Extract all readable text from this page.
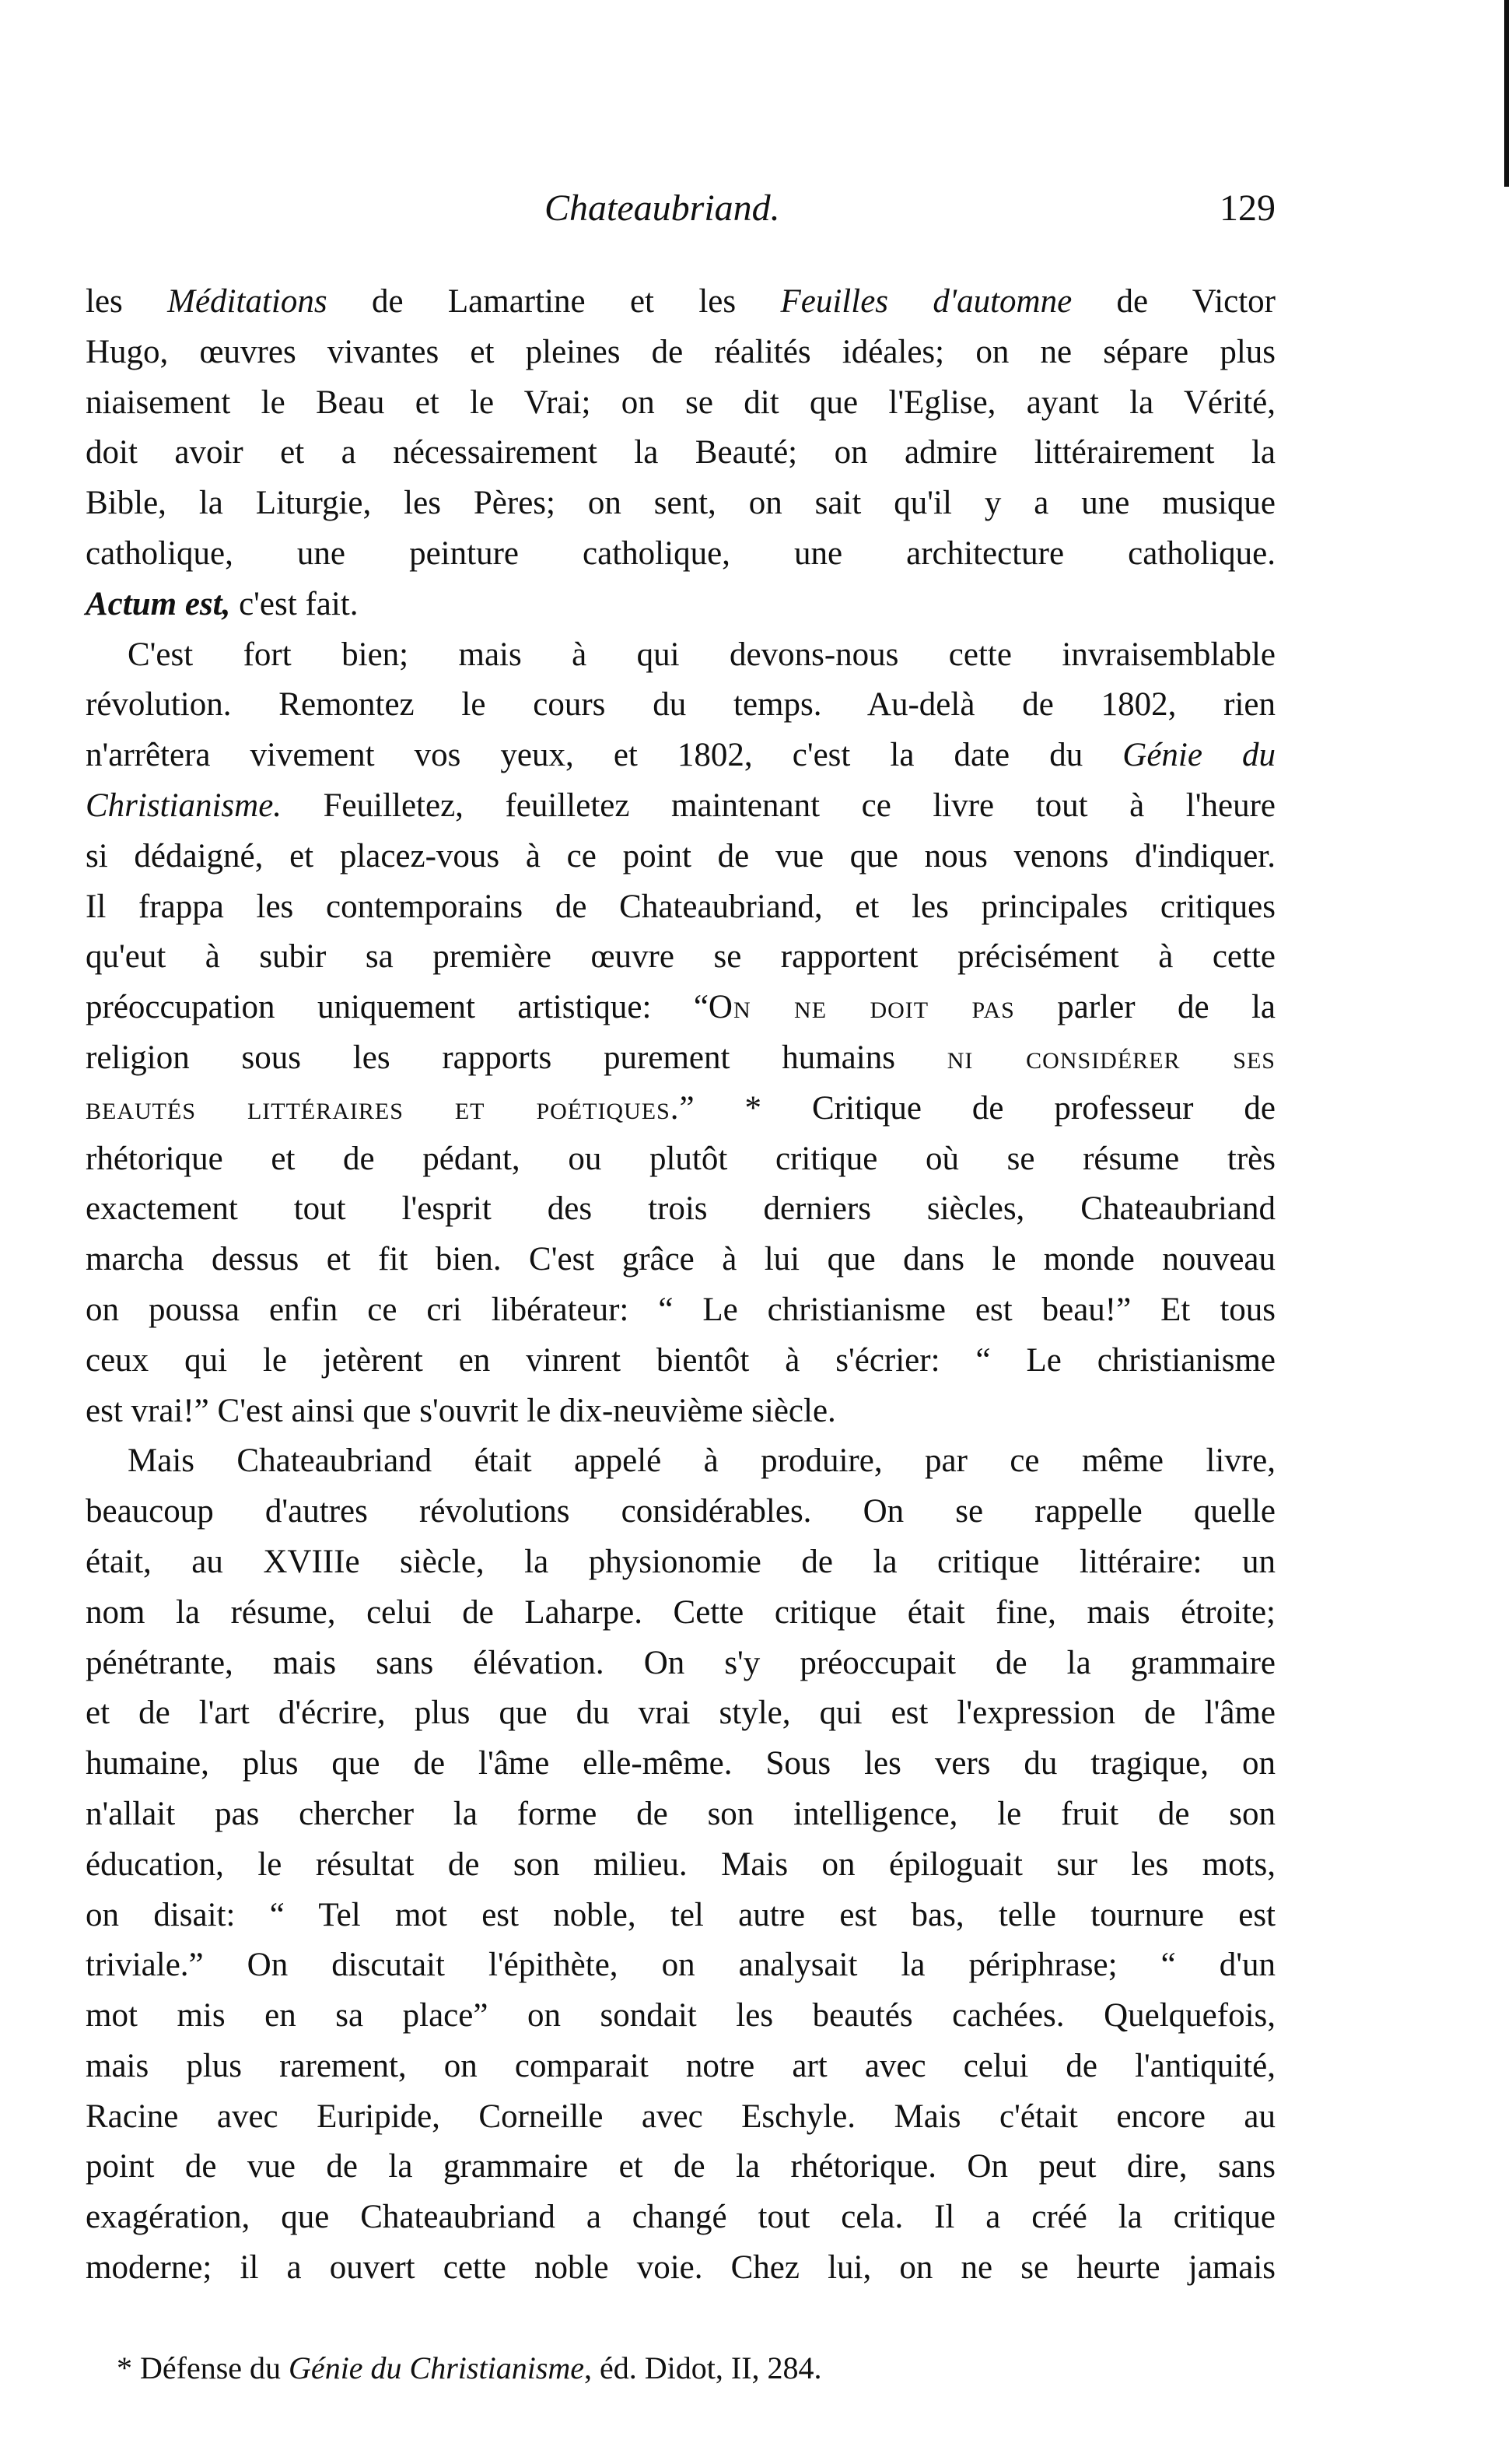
Chateaubriand.	129
les Méditations de Lamartine et les Feuilles d'automne de Victor
Hugo, œuvres vivantes et pleines de réalités idéales; on ne sépare plus
niaisement le Beau et le Vrai; on se dit que l'Eglise, ayant la Vérité,
doit avoir et a nécessairement la Beauté; on admire littérairement la
Bible, la Liturgie, les Pères; on sent, on sait qu'il y a une musique
catholique, une peinture catholique, une architecture catholique.
Actum est, c'est fait.
C'est fort bien; mais à qui devons-nous cette invraisemblable
révolution. Remontez le cours du temps. Au-delà de 1802, rien
n'arrêtera vivement vos yeux, et 1802, c'est la date du Génie du
Christianisme. Feuilletez, feuilletez maintenant ce livre tout à l'heure
si dédaigné, et placez-vous à ce point de vue que nous venons d'indiquer.
Il frappa les contemporains de Chateaubriand, et les principales critiques
qu'eut à subir sa première œuvre se rapportent précisément à cette
préoccupation uniquement artistique: “On ne doit pas parler de la
religion sous les rapports purement humains ni considérer ses
beautés littéraires et poétiques.” * Critique de professeur de
rhétorique et de pédant, ou plutôt critique où se résume très
exactement tout l'esprit des trois derniers siècles, Chateaubriand
marcha dessus et fit bien. C'est grâce à lui que dans le monde nouveau
on poussa enfin ce cri libérateur: “ Le christianisme est beau!” Et tous
ceux qui le jetèrent en vinrent bientôt à s'écrier: “ Le christianisme
est vrai!” C'est ainsi que s'ouvrit le dix-neuvième siècle.
Mais Chateaubriand était appelé à produire, par ce même livre,
beaucoup d'autres révolutions considérables. On se rappelle quelle
était, au XVIIIe siècle, la physionomie de la critique littéraire: un
nom la résume, celui de Laharpe. Cette critique était fine, mais étroite;
pénétrante, mais sans élévation. On s'y préoccupait de la grammaire
et de l'art d'écrire, plus que du vrai style, qui est l'expression de l'âme
humaine, plus que de l'âme elle-même. Sous les vers du tragique, on
n'allait pas chercher la forme de son intelligence, le fruit de son
éducation, le résultat de son milieu. Mais on épiloguait sur les mots,
on disait: “ Tel mot est noble, tel autre est bas, telle tournure est
triviale.” On discutait l'épithète, on analysait la périphrase; “ d'un
mot mis en sa place” on sondait les beautés cachées. Quelquefois,
mais plus rarement, on comparait notre art avec celui de l'antiquité,
Racine avec Euripide, Corneille avec Eschyle. Mais c'était encore au
point de vue de la grammaire et de la rhétorique. On peut dire, sans
exagération, que Chateaubriand a changé tout cela. Il a créé la critique
moderne; il a ouvert cette noble voie. Chez lui, on ne se heurte jamais
* Défense du Génie du Christianisme, éd. Didot, II, 284.
